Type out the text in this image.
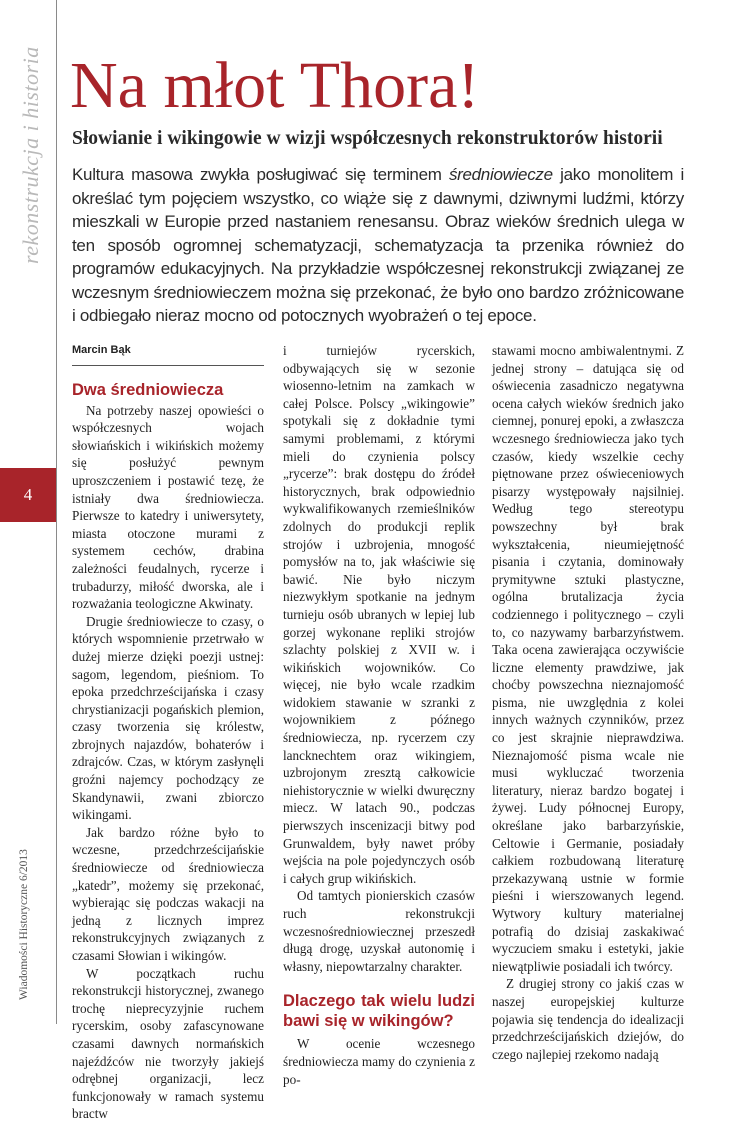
rekonstrukcja i historia
4
Wiadomości Historyczne 6/2013
Na młot Thora!
Słowianie i wikingowie w wizji współczesnych rekonstruktorów historii

Kultura masowa zwykła posługiwać się terminem średniowiecze jako monolitem i określać tym pojęciem wszystko, co wiąże się z dawnymi, dziwnymi ludźmi, którzy mieszkali w Europie przed nastaniem renesansu. Obraz wieków średnich ulega w ten sposób ogromnej schematyzacji, schematyzacja ta przenika również do programów edukacyjnych. Na przykładzie współczesnej rekonstrukcji związanej ze wczesnym średniowieczem można się przekonać, że było ono bardzo zróżnicowane i odbiegało nieraz mocno od potocznych wyobrażeń o tej epoce.

Marcin Bąk
Dwa średniowiecza

Na potrzeby naszej opowieści o współczesnych wojach słowiańskich i wikińskich możemy się posłużyć pewnym uproszczeniem i postawić tezę, że istniały dwa średniowiecza. Pierwsze to katedry i uniwersytety, miasta otoczone murami z systemem cechów, drabina zależności feudalnych, rycerze i trubadurzy, miłość dworska, ale i rozważania teologiczne Akwinaty.

Drugie średniowiecze to czasy, o których wspomnienie przetrwało w dużej mierze dzięki poezji ustnej: sagom, legendom, pieśniom. To epoka przedchrześcijańska i czasy chrystianizacji pogańskich plemion, czasy tworzenia się królestw, zbrojnych najazdów, bohaterów i zdrajców. Czas, w którym zasłynęli groźni najemcy pochodzący ze Skandynawii, zwani zbiorczo wikingami.

Jak bardzo różne było to wczesne, przedchrześcijańskie średniowiecze od średniowiecza „katedr”, możemy się przekonać, wybierając się podczas wakacji na jedną z licznych imprez rekonstrukcyjnych związanych z czasami Słowian i wikingów.

W początkach ruchu rekonstrukcji historycznej, zwanego trochę nieprecyzyjnie ruchem rycerskim, osoby zafascynowane czasami dawnych normańskich najeźdźców nie tworzyły jakiejś odrębnej organizacji, lecz funkcjonowały w ramach systemu bractw

i turniejów rycerskich, odbywających się w sezonie wiosenno-letnim na zamkach w całej Polsce. Polscy „wikingowie” spotykali się z dokładnie tymi samymi problemami, z którymi mieli do czynienia polscy „rycerze”: brak dostępu do źródeł historycznych, brak odpowiednio wykwalifikowanych rzemieślników zdolnych do produkcji replik strojów i uzbrojenia, mnogość pomysłów na to, jak właściwie się bawić. Nie było niczym niezwykłym spotkanie na jednym turnieju osób ubranych w lepiej lub gorzej wykonane repliki strojów szlachty polskiej z XVII w. i wikińskich wojowników. Co więcej, nie było wcale rzadkim widokiem stawanie w szranki z wojownikiem z późnego średniowiecza, np. rycerzem czy lancknechtem oraz wikingiem, uzbrojonym zresztą całkowicie niehistorycznie w wielki dwuręczny miecz. W latach 90., podczas pierwszych inscenizacji bitwy pod Grunwaldem, były nawet próby wejścia na pole pojedynczych osób i całych grup wikińskich.

Od tamtych pionierskich czasów ruch rekonstrukcji wczesnośredniowiecznej przeszedł długą drogę, uzyskał autonomię i własny, niepowtarzalny charakter.

Dlaczego tak wielu ludzi bawi się w wikingów?

W ocenie wczesnego średniowiecza mamy do czynienia z po-

stawami mocno ambiwalentnymi. Z jednej strony – datująca się od oświecenia zasadniczo negatywna ocena całych wieków średnich jako ciemnej, ponurej epoki, a zwłaszcza wczesnego średniowiecza jako tych czasów, kiedy wszelkie cechy piętnowane przez oświeceniowych pisarzy występowały najsilniej. Według tego stereotypu powszechny był brak wykształcenia, nieumiejętność pisania i czytania, dominowały prymitywne sztuki plastyczne, ogólna brutalizacja życia codziennego i politycznego – czyli to, co nazywamy barbarzyństwem. Taka ocena zawierająca oczywiście liczne elementy prawdziwe, jak choćby powszechna nieznajomość pisma, nie uwzględnia z kolei innych ważnych czynników, przez co jest skrajnie nieprawdziwa. Nieznajomość pisma wcale nie musi wykluczać tworzenia literatury, nieraz bardzo bogatej i żywej. Ludy północnej Europy, określane jako barbarzyńskie, Celtowie i Germanie, posiadały całkiem rozbudowaną literaturę przekazywaną ustnie w formie pieśni i wierszowanych legend. Wytwory kultury materialnej potrafią do dzisiaj zaskakiwać wyczuciem smaku i estetyki, jakie niewątpliwie posiadali ich twórcy.

Z drugiej strony co jakiś czas w naszej europejskiej kulturze pojawia się tendencja do idealizacji przedchrześcijańskich dziejów, do czego najlepiej rzekomo nadają
